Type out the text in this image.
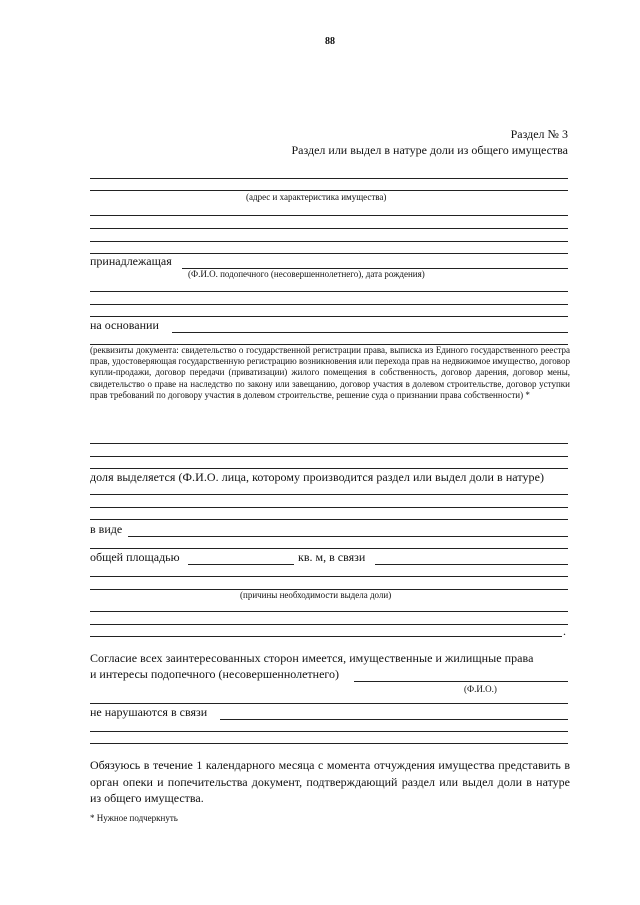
88
Раздел № 3
Раздел или выдел в натуре доли из общего имущества
(адрес и характеристика имущества)
принадлежащая
(Ф.И.О. подопечного (несовершеннолетнего), дата рождения)
на основании
(реквизиты документа: свидетельство о государственной регистрации права, выписка из Единого государственного реестра прав, удостоверяющая государственную регистрацию возникновения или перехода прав на недвижимое имущество, договор купли-продажи, договор передачи (приватизации) жилого помещения в собственность, договор дарения, договор мены, свидетельство о праве на наследство по закону или завещанию, договор участия в долевом строительстве, договор уступки прав требований по договору участия в долевом строительстве, решение суда о признании права собственности) *
доля выделяется (Ф.И.О. лица, которому производится раздел или выдел доли в натуре)
в виде
общей площадью	кв. м, в связи
(причины необходимости выдела доли)
.
Согласие всех заинтересованных сторон имеется, имущественные и жилищные права
и интересы подопечного (несовершеннолетнего)
(Ф.И.О.)
не нарушаются в связи
Обязуюсь в течение 1 календарного месяца с момента отчуждения имущества представить в орган опеки и попечительства документ, подтверждающий раздел или выдел доли в натуре из общего имущества.
* Нужное подчеркнуть
